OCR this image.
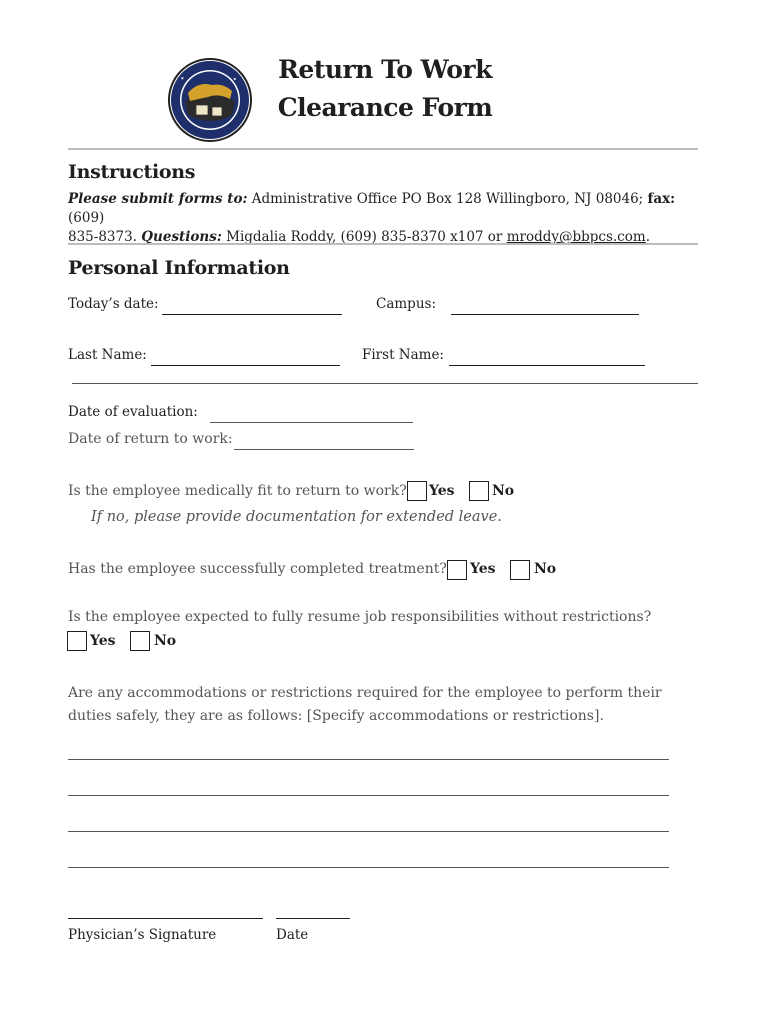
✦	✦	Return To Work
Clearance Form
Instructions
Please submit forms to: Administrative Office PO Box 128 Willingboro, NJ 08046; fax: (609)
835-8373. Questions: Migdalia Roddy, (609) 835-8370 x107 or mroddy@bbpcs.com.
Personal Information
Today’s date:	Campus:
Last Name:	First Name:
Date of evaluation:
Date of return to work:
Is the employee medically fit to return to work? Yes	No
If no, please provide documentation for extended leave.
Has the employee successfully completed treatment? Yes	No
Is the employee expected to fully resume job responsibilities without restrictions?
Yes	No
Are any accommodations or restrictions required for the employee to perform their
duties safely, they are as follows: [Specify accommodations or restrictions].
Physician’s Signature	Date
